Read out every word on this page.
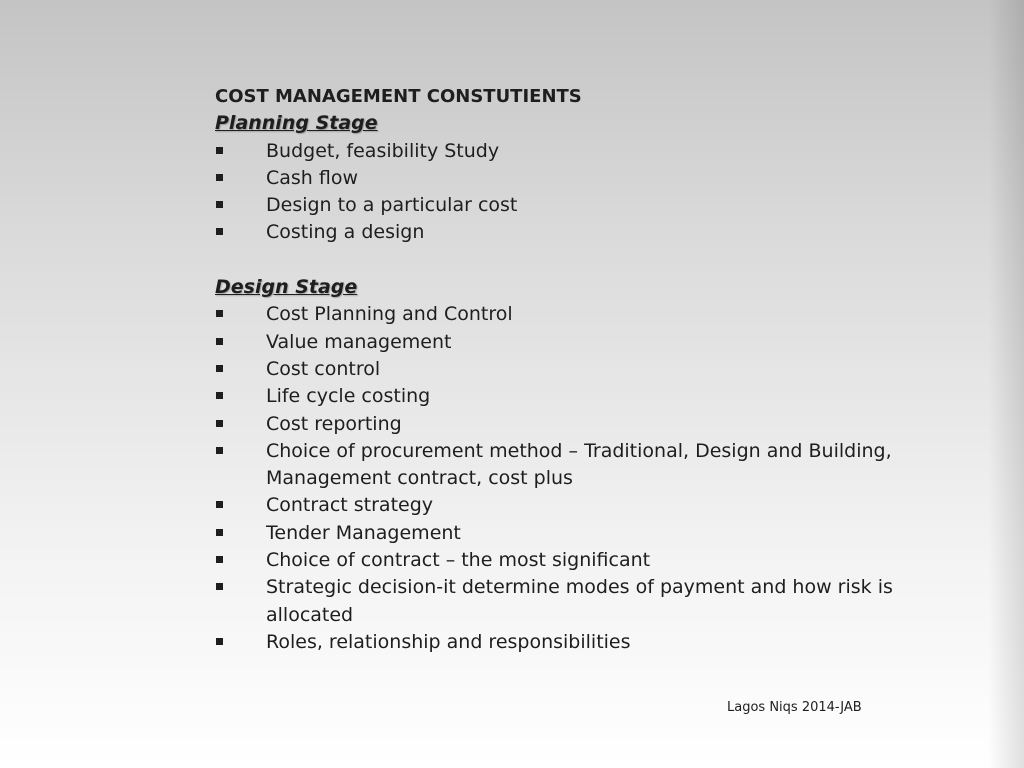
COST MANAGEMENT CONSTUTIENTS
Planning Stage
Budget, feasibility Study
Cash flow
Design to a particular cost
Costing a design
Design Stage
Cost Planning and Control
Value management
Cost control
Life cycle costing
Cost reporting
Choice of procurement method – Traditional, Design and Building, Management contract, cost plus
Contract strategy
Tender Management
Choice of contract – the most significant
Strategic decision-it determine modes of payment and how risk is allocated
Roles, relationship and responsibilities
Lagos Niqs 2014-JAB
